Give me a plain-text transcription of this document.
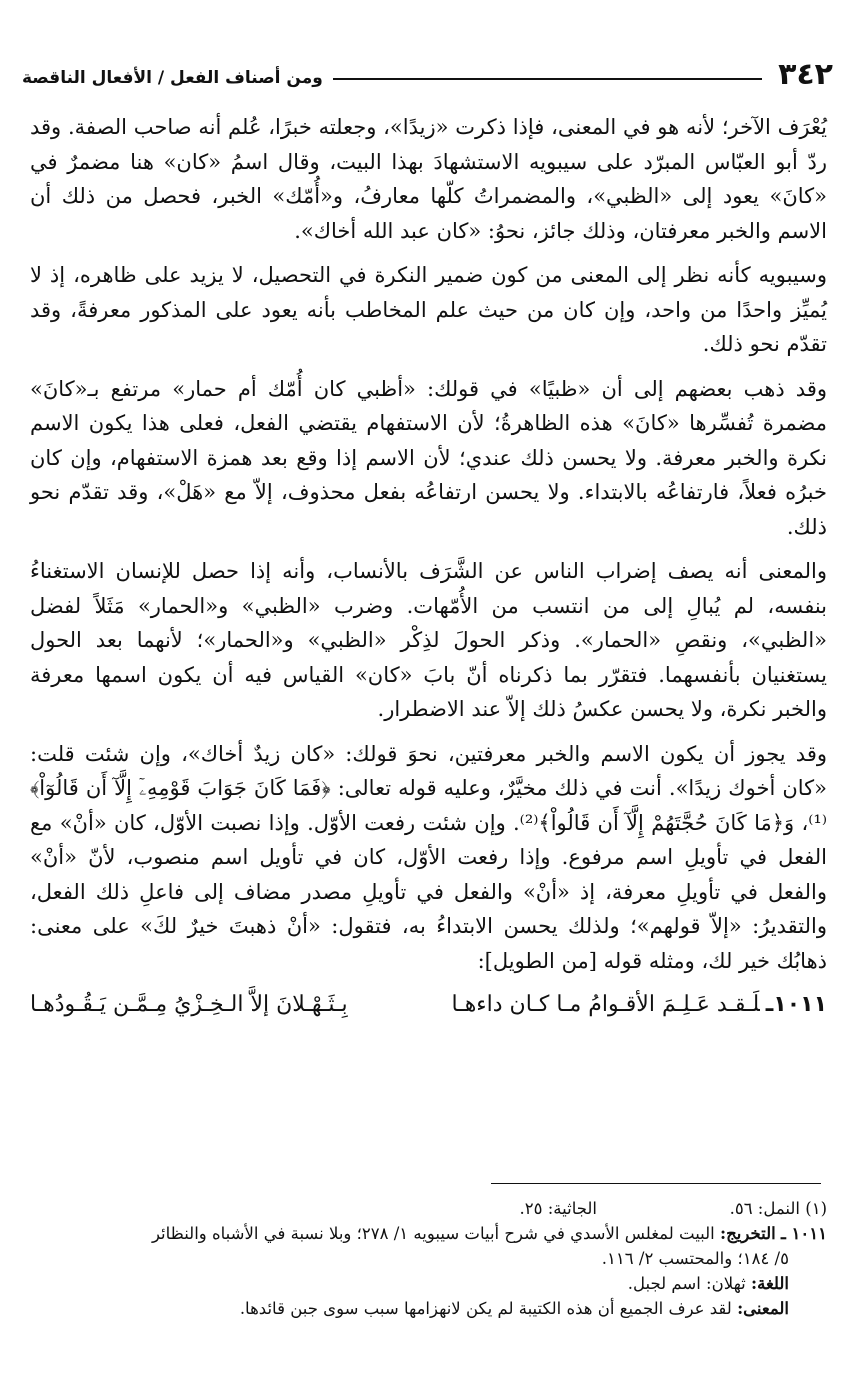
٣٤٢
ومن أصناف الفعل / الأفعال الناقصة

يُعْرَف الآخر؛ لأنه هو في المعنى، فإذا ذكرت «زيدًا»، وجعلته خبرًا، عُلم أنه صاحب الصفة. وقد ردّ أبو العبّاس المبرّد على سيبويه الاستشهادَ بهذا البيت، وقال اسمُ «كان» هنا مضمرٌ في «كانَ» يعود إلى «الظبي»، والمضمراتُ كلّها معارفُ، و«أُمّك» الخبر، فحصل من ذلك أن الاسم والخبر معرفتان، وذلك جائز، نحوُ: «كان عبد الله أخاك».

وسيبويه كأنه نظر إلى المعنى من كون ضمير النكرة في التحصيل، لا يزيد على ظاهره، إذ لا يُميِّز واحدًا من واحد، وإن كان من حيث علم المخاطب بأنه يعود على المذكور معرفةً، وقد تقدّم نحو ذلك.

وقد ذهب بعضهم إلى أن «ظبيًا» في قولك: «أظبي كان أُمّك أم حمار» مرتفع بـ«كانَ» مضمرة تُفسِّرها «كانَ» هذه الظاهرةُ؛ لأن الاستفهام يقتضي الفعل، فعلى هذا يكون الاسم نكرة والخبر معرفة. ولا يحسن ذلك عندي؛ لأن الاسم إذا وقع بعد همزة الاستفهام، وإن كان خبرُه فعلاً، فارتفاعُه بالابتداء. ولا يحسن ارتفاعُه بفعل محذوف، إلاّ مع «هَلْ»، وقد تقدّم نحو ذلك.

والمعنى أنه يصف إضراب الناس عن الشَّرَف بالأنساب، وأنه إذا حصل للإنسان الاستغناءُ بنفسه، لم يُبالِ إلى من انتسب من الأُمّهات. وضرب «الظبي» و«الحمار» مَثَلاً لفضل «الظبي»، ونقصِ «الحمار». وذكر الحولَ لذِكْر «الظبي» و«الحمار»؛ لأنهما بعد الحول يستغنيان بأنفسهما. فتقرّر بما ذكرناه أنّ بابَ «كان» القياس فيه أن يكون اسمها معرفة والخبر نكرة، ولا يحسن عكسُ ذلك إلاّ عند الاضطرار.

وقد يجوز أن يكون الاسم والخبر معرفتين، نحوَ قولك: «كان زيدٌ أخاك»، وإن شئت قلت: «كان أخوك زيدًا». أنت في ذلك مخيَّرٌ، وعليه قوله تعالى: ﴿فَمَا كَانَ جَوَابَ قَوْمِهِۦٓ إِلَّآ أَن قَالُوٓاْ﴾⁽¹⁾، وَ﴿مَا كَانَ حُجَّتَهُمْ إِلَّآ أَن قَالُواْ﴾⁽²⁾. وإن شئت رفعت الأوّل. وإذا نصبت الأوّل، كان «أنْ» مع الفعل في تأويلِ اسم مرفوع. وإذا رفعت الأوّل، كان في تأويل اسم منصوب، لأنّ «أنْ» والفعل في تأويلِ معرفة، إذ «أنْ» والفعل في تأويلِ مصدر مضاف إلى فاعلِ ذلك الفعل، والتقديرُ: «إلاّ قولهم»؛ ولذلك يحسن الابتداءُ به، فتقول: «أنْ ذهبتَ خيرٌ لكَ» على معنى: ذهابُك خير لك، ومثله قوله [من الطويل]:

١٠١١ـلَـقـد عَـلِـمَ الأقـوامُ مـا كـان داءهـا
بِـثَـهْـلانَ إلاَّ الـخِـزْيُ مِـمَّـن يَـقُـودُهـا
(١) النمل: ٥٦.
الجاثية: ٢٥.

١٠١١ ـ التخريج: البيت لمغلس الأسدي في شرح أبيات سيبويه ١/ ٢٧٨؛ وبلا نسبة في الأشباه والنظائر

٥/ ١٨٤؛ والمحتسب ٢/ ١١٦.

اللغة: ثهلان: اسم لجبل.

المعنى: لقد عرف الجميع أن هذه الكتيبة لم يكن لانهزامها سبب سوى جبن قائدها.
